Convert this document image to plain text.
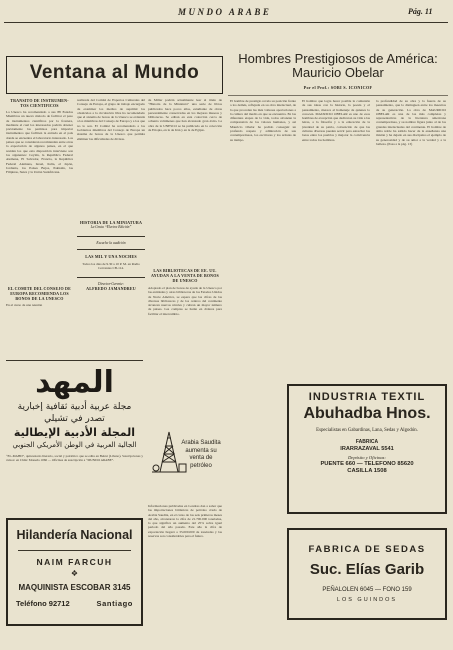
MUNDO ARABE	Pág. 11
Ventana al Mundo
TRANSITO DE INSTRUMEN- TOS CIENTIFICOS
La Unesco ha recomendado a sus 88 Estados Miembros un nuevo método de facilitar el paso de instrumentos científicos por la frontera, mediante el cual los interesados podrán obtener previamente los permisos para importar instrumentos que faciliten la entrada en el país donde se encuentre el laboratorio interesado. Los países que se consideran recomiendan entre otras la exportación de algunos países, en el que residan los que esta disposición interviene son los siguientes: Ceylán, la República Federal Alemana, El Salvador, Francia, la República Federal Alemana, Israel, Italia, el Japón, Jordania, los Países Bajos, Pakistán, las Filipinas, Suiza y la Unión Sudafricana.
EL COMITE DEL CONSEJO DE EUROPA RECOMIENDA LOS BONOS DE LA UNESCO
En el curso de una reunión
realizada del Comité de Expertos Culturales del Consejo de Europa, el grupo de trabajo encargado de examinar los medios de suprimir los obstáculos a la circulación libre ha recomendado que el sistema de bonos de la Unesco se extienda a los miembros del Consejo de Europa y a los que no lo son. El Comité ha recomendado a los Gobiernos miembros del Consejo de Europa un sistema de bonos de la Unesco que permita eliminar las dificultades de divisas.
HISTORIA DE LA MINIATURA
La Gruta “Electra Edición”
Escuche la audición
LAS MIL Y UNA NOCHES
Todos los días de 9.30 a 10 P. M. en Radio Cervantes CB-114.
Director-Gerente:
ALFREDO JAMANDREU
de Miller podrán actualmente leer al título de “Historia de la Miniatura” una serie de libros publicados hace pocos años, estudiante de obras personalmente conservadas en los mejores museos y bibliotecas. Se editan en esta colección cerca de ochenta volúmenes que han alcanzado gran éxito. La obra de la UNESCO se ha publicado en la colección de Etiopía, en la de Irán y en la de Egipto.
LAS BIBLIOTECAS DE EE. UU. AYUDAN A LA VENTA DE BONOS DE UNESCO
Adoptado el plan de bonos de ayuda de la Unesco por las entidades y otras bibliotecas de los Estados Unidos de Norte América, se espera que las cifras de las diversas bibliotecas y de los centros del continente alcancen nuevos niveles y cubran un mayor número de países. Las compras se harán en dólares para facilitar el intercambio.
المهد
مجلة عربية أدبية ثقافية إخبارية
تصدر في تشيلي
المجلة الأدبية الإيطالية
الجالية العربية في الوطن الأمريكي الجنوبي
“EL-MAHD”, quincenario literario, social y patriótico que se edita en Beirut (Líbano). Suscripciones y avisos: en Chile: Moneda 1066 — Oficinas de suscripción a “MUNDO ARABE”.
Arabia Saudita aumenta su venta de petróleo
Informaciones publicadas en Londres dan a saber que las importaciones británicas de petróleo crudo de Arabia Saudita, en el curso de los seis primeros meses del año, alcanzaron la cifra de 21.700.000 toneladas, lo que significa un aumento del 25% sobre igual periodo del año pasado. Este año la cifra de exportación llegará a 35.000.000 de toneladas y las reservas son considerables para el futuro.
Hilandería Nacional
NAIM FARCUH
❖
MAQUINISTA ESCOBAR 3145
Teléfono 92712	Santiago
Hombres Prestigiosos de América: Mauricio Obelar
Por el Prof.: SOBI S. ICONICOF
El hombre de prestigio revela su posición frente a los demás, reflejada en su obra intelectual, de la que proceden las más valiosas aportaciones a la cultura del medio en que se encuentra. En las diferentes etapas de la vida, todos alcanzan la comprensión de los valores humanos, y así Mauricio Obelar ha podido conseguir un profundo respeto y admiración de sus contemporáneos, los escritores y los artistas de su tiempo.
El hombre que logra hacer posible la comunión de sus ideas con la historia, la poesía y el pensamiento, merece el homenaje de quienes lo conocen. MAURICIO OBELAR es uno de esos hombres de excepción que dedicaron su vida a las letras, a la filosofía y a la educación de la juventud de su patria, convencido de que las culturas diversas pueden servir para estrechar los lazos entre los pueblos y mejorar la convivencia entre todos los hombres.
la profundidad de su obra y la fuerza de su pensamiento, que lo distinguen entre los maestros de su generación. La obra de MAURICIO OBELAR es una de las más completas y representativas de la literatura americana contemporánea, y su nombre figura junto al de los grandes intelectuales del continente. El hombre de alma noble ha sabido hacer de la enseñanza una misión y ha dejado en sus discípulos el ejemplo de su generosidad y de su amor a la verdad y a la belleza. (Pasa a la pág. 13)
INDUSTRIA TEXTIL
Abuhadba Hnos.
Especialistas en Gabardinas, Lana, Sedas y Algodón.
FABRICA
IRARRAZAVAL 5541
Depósito y Oficinas:
PUENTE 660 — TELEFONO 85620
CASILLA 1508
FABRICA DE SEDAS
Suc. Elías Garib
PEÑALOLEN 6045 — FONO 159
LOS GUINDOS
